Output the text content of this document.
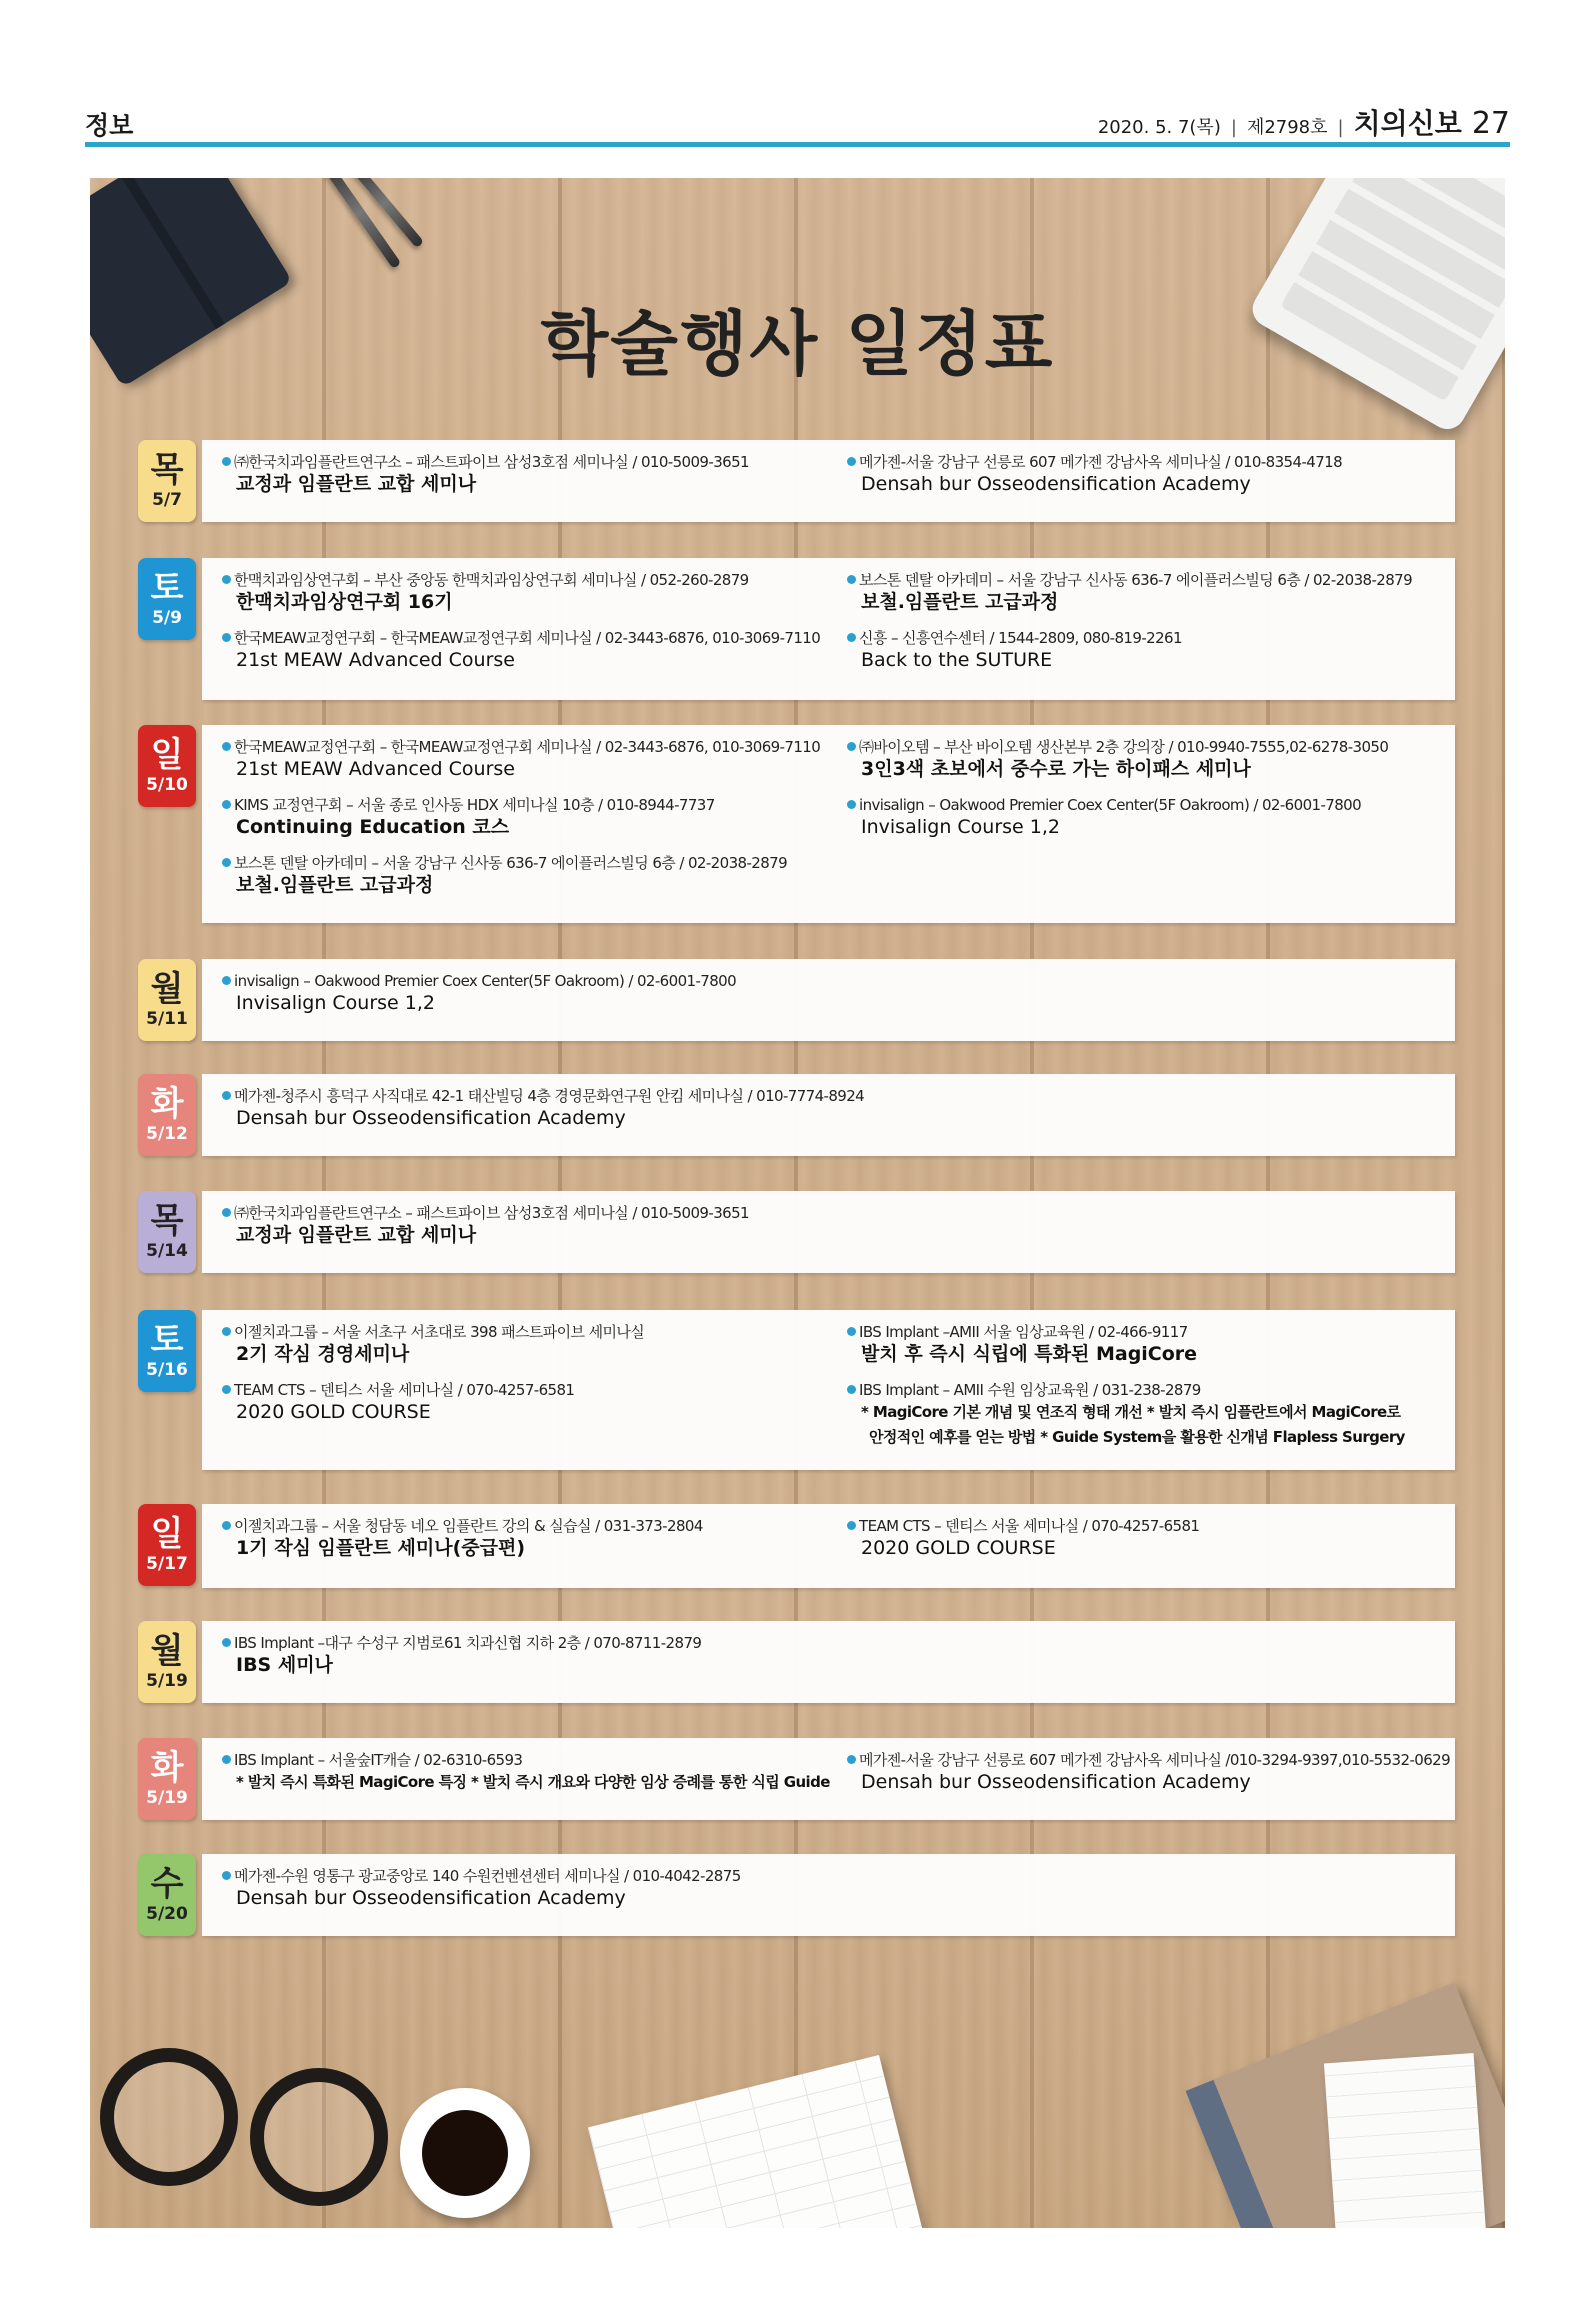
정보	2020. 5. 7(목) | 제2798호 | 치의신보 27
학술행사 일정표
목
5/7
㈜한국치과임플란트연구소 – 패스트파이브 삼성3호점 세미나실 / 010-5009-3651
교정과 임플란트 교합 세미나
메가젠-서울 강남구 선릉로 607 메가젠 강남사옥 세미나실 / 010-8354-4718
Densah bur Osseodensification Academy
토
5/9
한맥치과임상연구회 – 부산 중앙동 한맥치과임상연구회 세미나실 / 052-260-2879
한맥치과임상연구회 16기
한국MEAW교정연구회 – 한국MEAW교정연구회 세미나실 / 02-3443-6876, 010-3069-7110
21st MEAW Advanced Course
보스톤 덴탈 아카데미 – 서울 강남구 신사동 636-7 에이플러스빌딩 6층 / 02-2038-2879
보철.임플란트 고급과정
신흥 – 신흥연수센터 / 1544-2809, 080-819-2261
Back to the SUTURE
일
5/10
한국MEAW교정연구회 – 한국MEAW교정연구회 세미나실 / 02-3443-6876, 010-3069-7110
21st MEAW Advanced Course
KIMS 교정연구회 – 서울 종로 인사동 HDX 세미나실 10층 / 010-8944-7737
Continuing Education 코스
보스톤 덴탈 아카데미 – 서울 강남구 신사동 636-7 에이플러스빌딩 6층 / 02-2038-2879
보철.임플란트 고급과정
㈜바이오템 – 부산 바이오템 생산본부 2층 강의장 / 010-9940-7555,02-6278-3050
3인3색 초보에서 중수로 가는 하이패스 세미나
invisalign – Oakwood Premier Coex Center(5F Oakroom) / 02-6001-7800
Invisalign Course 1,2
월
5/11
invisalign – Oakwood Premier Coex Center(5F Oakroom) / 02-6001-7800
Invisalign Course 1,2
화
5/12
메가젠-청주시 흥덕구 사직대로 42-1 태산빌딩 4층 경영문화연구원 안킴 세미나실 / 010-7774-8924
Densah bur Osseodensification Academy
목
5/14
㈜한국치과임플란트연구소 – 패스트파이브 삼성3호점 세미나실 / 010-5009-3651
교정과 임플란트 교합 세미나
토
5/16
이젤치과그룹 – 서울 서초구 서초대로 398 패스트파이브 세미나실
2기 작심 경영세미나
TEAM CTS – 덴티스 서울 세미나실 / 070-4257-6581
2020 GOLD COURSE
IBS Implant –AMII 서울 임상교육원 / 02-466-9117
발치 후 즉시 식립에 특화된 MagiCore
IBS Implant – AMII 수원 임상교육원 / 031-238-2879
* MagiCore 기본 개념 및 연조직 형태 개선 * 발치 즉시 임플란트에서 MagiCore로
안정적인 예후를 얻는 방법 * Guide System을 활용한 신개념 Flapless Surgery
일
5/17
이젤치과그룹 – 서울 청담동 네오 임플란트 강의 & 실습실 / 031-373-2804
1기 작심 임플란트 세미나(중급편)
TEAM CTS – 덴티스 서울 세미나실 / 070-4257-6581
2020 GOLD COURSE
월
5/19
IBS Implant –대구 수성구 지범로61 치과신협 지하 2층 / 070-8711-2879
IBS 세미나
화
5/19
IBS Implant – 서울숲IT캐슬 / 02-6310-6593
* 발치 즉시 특화된 MagiCore 특징 * 발치 즉시 개요와 다양한 임상 증례를 통한 식립 Guide
메가젠-서울 강남구 선릉로 607 메가젠 강남사옥 세미나실 /010-3294-9397,010-5532-0629
Densah bur Osseodensification Academy
수
5/20
메가젠-수원 영통구 광교중앙로 140 수원컨벤션센터 세미나실 / 010-4042-2875
Densah bur Osseodensification Academy
